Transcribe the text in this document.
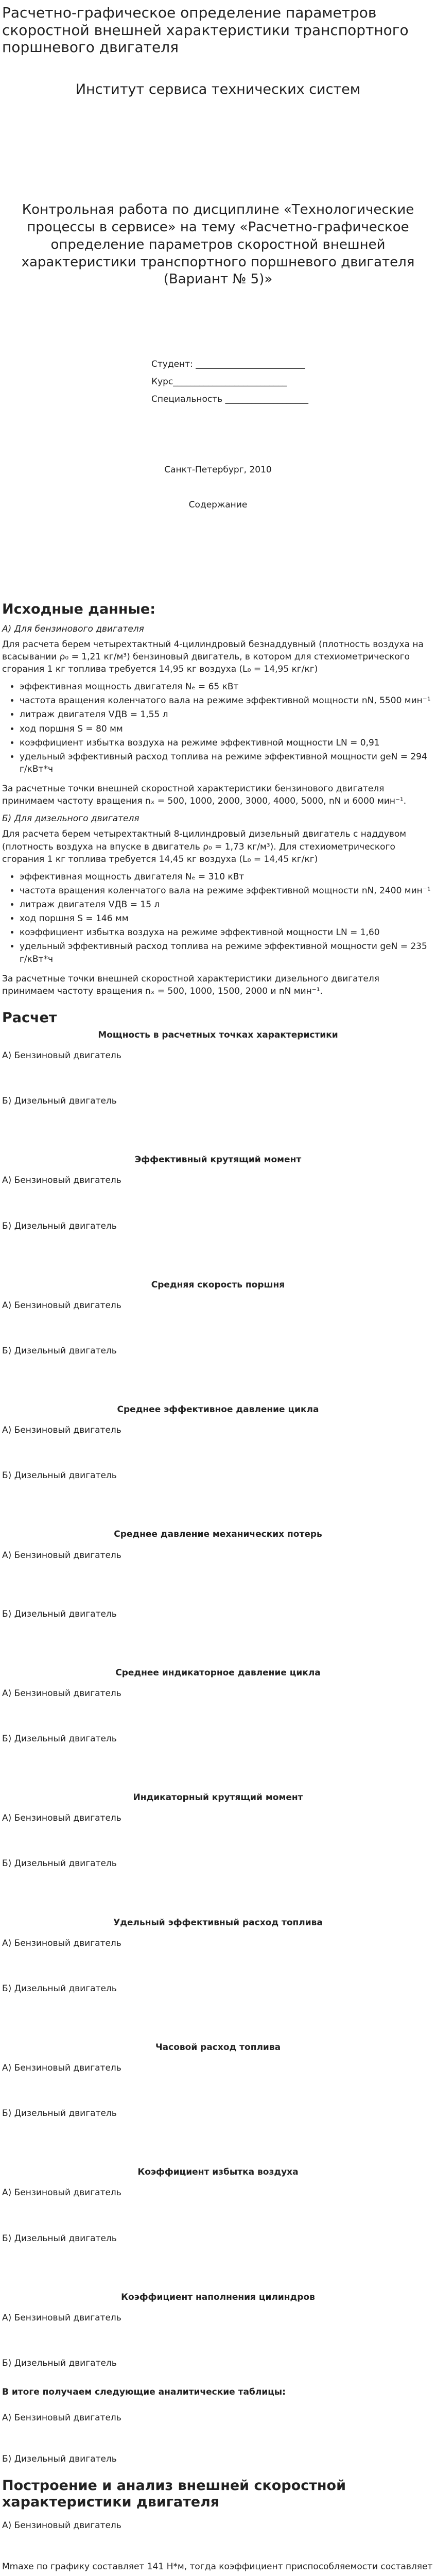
Расчетно-графическое определение параметров скоростной внешней характеристики транспортного поршневого двигателя
Институт сервиса технических систем
Контрольная работа по дисциплине «Технологические процессы в сервисе» на тему «Расчетно-графическое определение параметров скоростной внешней характеристики транспортного поршневого двигателя (Вариант № 5)»
Студент: _________________________
Курс__________________________
Специальность ___________________
Санкт-Петербург, 2010
Содержание
Исходные данные:
А) Для бензинового двигателя

Для расчета берем четырехтактный 4-цилиндровый безнаддувный (плотность воздуха на всасывании ρ₀ = 1,21 кг/м³) бензиновый двигатель, в котором для стехиометрического сгорания 1 кг топлива требуется 14,95 кг воздуха (L₀ = 14,95 кг/кг)

• эффективная мощность двигателя Nₑ = 65 кВт
• частота вращения коленчатого вала на режиме эффективной мощности nN, 5500 мин⁻¹
• литраж двигателя VДВ = 1,55 л
• ход поршня S = 80 мм
• коэффициент избытка воздуха на режиме эффективной мощности LN = 0,91
• удельный эффективный расход топлива на режиме эффективной мощности geN = 294 г/кВт*ч

За расчетные точки внешней скоростной характеристики бензинового двигателя принимаем частоту вращения nₓ = 500, 1000, 2000, 3000, 4000, 5000, nN и 6000 мин⁻¹.

Б) Для дизельного двигателя

Для расчета берем четырехтактный 8-цилиндровый дизельный двигатель с наддувом (плотность воздуха на впуске в двигатель ρ₀ = 1,73 кг/м³). Для стехиометрического сгорания 1 кг топлива требуется 14,45 кг воздуха (L₀ = 14,45 кг/кг)

• эффективная мощность двигателя Nₑ = 310 кВт
• частота вращения коленчатого вала на режиме эффективной мощности nN, 2400 мин⁻¹
• литраж двигателя VДВ = 15 л
• ход поршня S = 146 мм
• коэффициент избытка воздуха на режиме эффективной мощности LN = 1,60
• удельный эффективный расход топлива на режиме эффективной мощности geN = 235 г/кВт*ч

За расчетные точки внешней скоростной характеристики дизельного двигателя принимаем частоту вращения nₓ = 500, 1000, 1500, 2000 и nN мин⁻¹.

Расчет
Мощность в расчетных точках характеристики
А) Бензиновый двигатель
Б) Дизельный двигатель
Эффективный крутящий момент
А) Бензиновый двигатель
Б) Дизельный двигатель
Средняя скорость поршня
А) Бензиновый двигатель
Б) Дизельный двигатель
Среднее эффективное давление цикла
А) Бензиновый двигатель
Б) Дизельный двигатель
Среднее давление механических потерь
А) Бензиновый двигатель
Б) Дизельный двигатель
Среднее индикаторное давление цикла
А) Бензиновый двигатель
Б) Дизельный двигатель
Индикаторный крутящий момент
А) Бензиновый двигатель
Б) Дизельный двигатель
Удельный эффективный расход топлива
А) Бензиновый двигатель
Б) Дизельный двигатель
Часовой расход топлива
А) Бензиновый двигатель
Б) Дизельный двигатель
Коэффициент избытка воздуха
А) Бензиновый двигатель
Б) Дизельный двигатель
Коэффициент наполнения цилиндров
А) Бензиновый двигатель
Б) Дизельный двигатель
В итоге получаем следующие аналитические таблицы:
А) Бензиновый двигатель
Б) Дизельный двигатель
Построение и анализ внешней скоростной характеристики двигателя
А) Бензиновый двигатель
Мmaxe по графику составляет 141 Н*м, тогда коэффициент приспособляемости составляет
